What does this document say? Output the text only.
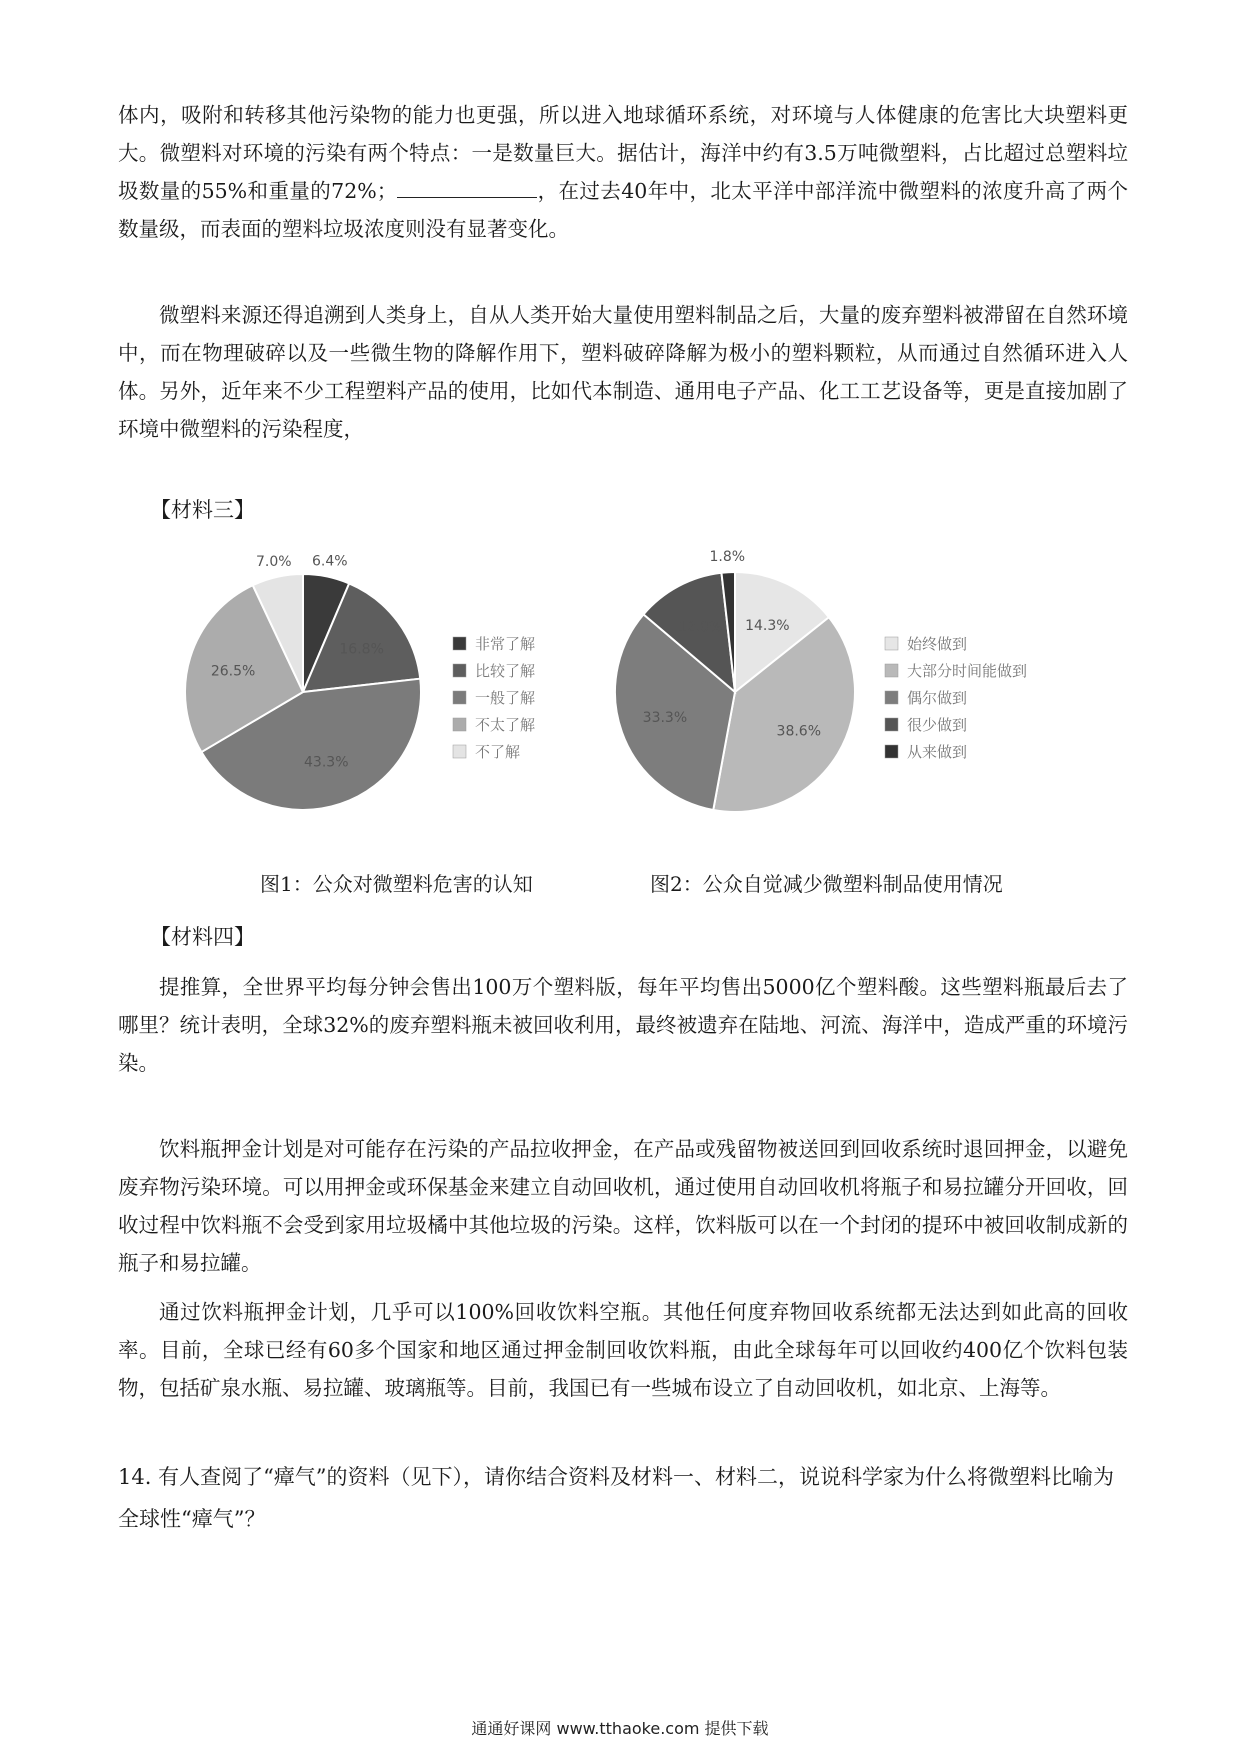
体内，吸附和转移其他污染物的能力也更强，所以进入地球循环系统，对环境与人体健康的危害比大块塑料更大。微塑料对环境的污染有两个特点：一是数量巨大。据估计，海洋中约有3.5万吨微塑料，占比超过总塑料垃圾数量的55%和重量的72%；	，在过去40年中，北太平洋中部洋流中微塑料的浓度升高了两个数量级，而表面的塑料垃圾浓度则没有显著变化。

微塑料来源还得追溯到人类身上，自从人类开始大量使用塑料制品之后，大量的废弃塑料被滞留在自然环境中，而在物理破碎以及一些微生物的降解作用下，塑料破碎降解为极小的塑料颗粒，从而通过自然循环进入人体。另外，近年来不少工程塑料产品的使用，比如代本制造、通用电子产品、化工工艺设备等，更是直接加剧了环境中微塑料的污染程度，

【材料三】

6.4%
16.8%
43.3%
26.5%
7.0%
非常了解
比较了解
一般了解
不太了解
不了解
14.3%
38.6%
33.3%
12.0%
1.8%
始终做到
大部分时间能做到
偶尔做到
很少做到
从来做到

图1：公众对微塑料危害的认知	图2：公众自觉减少微塑料制品使用情况

【材料四】

提推算，全世界平均每分钟会售出100万个塑料版，每年平均售出5000亿个塑料酸。这些塑料瓶最后去了哪里？统计表明，全球32%的废弃塑料瓶未被回收利用，最终被遗弃在陆地、河流、海洋中，造成严重的环境污染。

饮料瓶押金计划是对可能存在污染的产品拉收押金，在产品或残留物被送回到回收系统时退回押金，以避免废弃物污染环境。可以用押金或环保基金来建立自动回收机，通过使用自动回收机将瓶子和易拉罐分开回收，回收过程中饮料瓶不会受到家用垃圾橘中其他垃圾的污染。这样，饮料版可以在一个封闭的提环中被回收制成新的瓶子和易拉罐。

通过饮料瓶押金计划，几乎可以100%回收饮料空瓶。其他任何度弃物回收系统都无法达到如此高的回收率。目前，全球已经有60多个国家和地区通过押金制回收饮料瓶，由此全球每年可以回收约400亿个饮料包装物，包括矿泉水瓶、易拉罐、玻璃瓶等。目前，我国已有一些城布设立了自动回收机，如北京、上海等。

14. 有人查阅了“瘴气”的资料（见下），请你结合资料及材料一、材料二，说说科学家为什么将微塑料比喻为全球性“瘴气”？

通通好课网 www.tthaoke.com 提供下载
